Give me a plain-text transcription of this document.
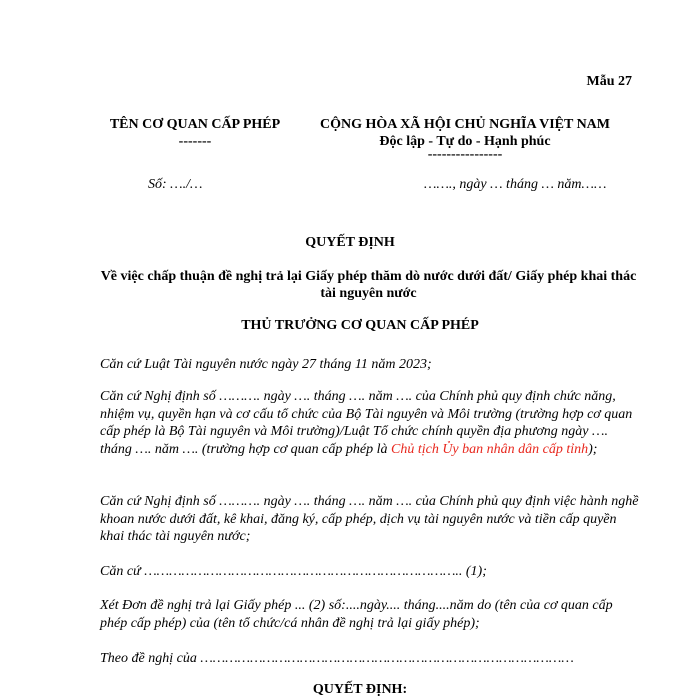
Mẫu 27
TÊN CƠ QUAN CẤP PHÉP
-------
CỘNG HÒA XÃ HỘI CHỦ NGHĨA VIỆT NAM
Độc lập - Tự do - Hạnh phúc
----------------
Số: …./…	……., ngày … tháng … năm……
QUYẾT ĐỊNH
Về việc chấp thuận đề nghị trả lại Giấy phép thăm dò nước dưới đất/ Giấy phép khai thác tài nguyên nước
THỦ TRƯỞNG CƠ QUAN CẤP PHÉP
Căn cứ Luật Tài nguyên nước ngày 27 tháng 11 năm 2023;
Căn cứ Nghị định số ………. ngày …. tháng …. năm …. của Chính phủ quy định chức năng, nhiệm vụ, quyền hạn và cơ cấu tổ chức của Bộ Tài nguyên và Môi trường (trường hợp cơ quan cấp phép là Bộ Tài nguyên và Môi trường)/Luật Tổ chức chính quyền địa phương ngày …. tháng …. năm …. (trường hợp cơ quan cấp phép là Chủ tịch Ủy ban nhân dân cấp tỉnh);
Căn cứ Nghị định số ………. ngày …. tháng …. năm …. của Chính phủ quy định việc hành nghề khoan nước dưới đất, kê khai, đăng ký, cấp phép, dịch vụ tài nguyên nước và tiền cấp quyền khai thác tài nguyên nước;
Căn cứ ………………………………………………………………….. (1);
Xét Đơn đề nghị trả lại Giấy phép ... (2) số:....ngày.... tháng....năm do (tên của cơ quan cấp phép cấp phép) của (tên tổ chức/cá nhân đề nghị trả lại giấy phép);
Theo đề nghị của ………………………………………………………………………………
QUYẾT ĐỊNH:
